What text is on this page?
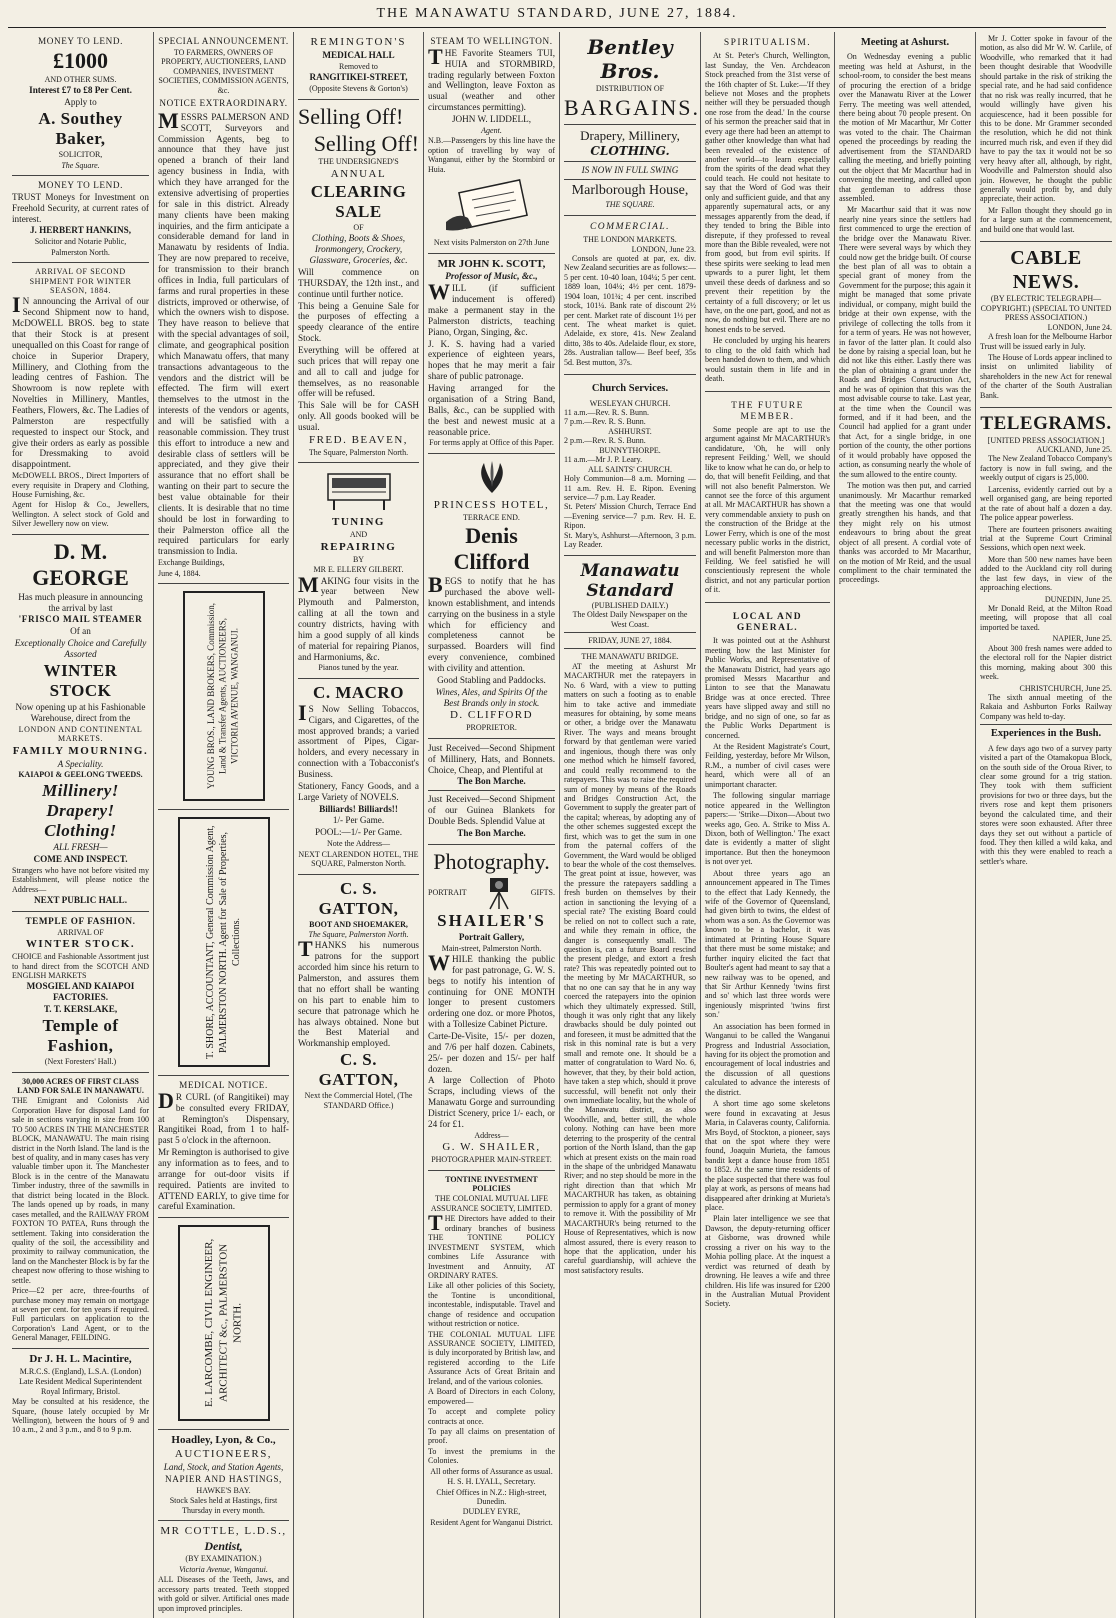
THE MANAWATU STANDARD, JUNE 27, 1884.

MONEY TO LEND.

£1000

AND OTHER SUMS.

Interest £7 to £8 Per Cent.

Apply to

A. Southey Baker,

SOLICITOR,

The Square.

MONEY TO LEND.

TRUST Moneys for Investment on Freehold Security, at current rates of interest.

J. HERBERT HANKINS,

Solicitor and Notarie Public,

Palmerston North.

ARRIVAL OF SECOND SHIPMENT FOR WINTER SEASON, 1884.

IN announcing the Arrival of our Second Shipment now to hand, McDOWELL BROS. beg to state that their Stock is at present unequalled on this Coast for range of choice in Superior Drapery, Millinery, and Clothing from the leading centres of Fashion. The Showroom is now replete with Novelties in Millinery, Mantles, Feathers, Flowers, &c. The Ladies of Palmerston are respectfully requested to inspect our Stock, and give their orders as early as possible for Dressmaking to avoid disappointment.

McDOWELL BROS., Direct Importers of every requisite in Drapery and Clothing, House Furnishing, &c.

Agent for Hislop & Co., Jewellers, Wellington. A select stock of Gold and Silver Jewellery now on view.

D. M. GEORGE

Has much pleasure in announcing the arrival by last

'FRISCO MAIL STEAMER

Of an

Exceptionally Choice and Carefully Assorted

WINTER STOCK

Now opening up at his Fashionable Warehouse, direct from the

LONDON AND CONTINENTAL MARKETS.

FAMILY MOURNING.

A Speciality.

KAIAPOI & GEELONG TWEEDS.

Millinery! Drapery! Clothing!

ALL FRESH—

COME AND INSPECT.

Strangers who have not before visited my Establishment, will please notice the Address—

NEXT PUBLIC HALL.

TEMPLE OF FASHION.

ARRIVAL OF

WINTER STOCK.

CHOICE and Fashionable Assortment just to hand direct from the SCOTCH AND ENGLISH MARKETS

MOSGIEL AND KAIAPOI FACTORIES.

T. T. KERSLAKE,

Temple of Fashion,

(Next Foresters' Hall.)

30,000 ACRES OF FIRST CLASS LAND FOR SALE IN MANAWATU.

THE Emigrant and Colonists Aid Corporation Have for disposal Land for sale in sections varying in size from 100 TO 500 ACRES IN THE MANCHESTER BLOCK, MANAWATU. The main rising district in the North Island. The land is the best of quality, and in many cases has very valuable timber upon it. The Manchester Block is in the centre of the Manawatu Timber industry, three of the sawmills in that district being located in the Block. The lands opened up by roads, in many cases metalled, and the RAILWAY FROM FOXTON TO PATEA, Runs through the settlement. Taking into consideration the quality of the soil, the accessibility and proximity to railway communication, the land on the Manchester Block is by far the cheapest now offering to those wishing to settle.

Price—£2 per acre, three-fourths of purchase money may remain on mortgage at seven per cent. for ten years if required. Full particulars on application to the Corporation's Land Agent, or to the General Manager, FEILDING.

Dr J. H. L. Macintire,

M.R.C.S. (England), L.S.A. (London)

Late Resident Medical Superintendent Royal Infirmary, Bristol.

May be consulted at his residence, the Square, (house lately occupied by Mr Wellington), between the hours of 9 and 10 a.m., 2 and 3 p.m., and 8 to 9 p.m.

SPECIAL ANNOUNCEMENT.

TO FARMERS, OWNERS OF PROPERTY, AUCTIONEERS, LAND COMPANIES, INVESTMENT SOCIETIES, COMMISSION AGENTS, &c.

NOTICE EXTRAORDINARY.

MESSRS PALMERSON AND SCOTT, Surveyors and Commission Agents, beg to announce that they have just opened a branch of their land agency business in India, with which they have arranged for the extensive advertising of properties for sale in this district. Already many clients have been making inquiries, and the firm anticipate a considerable demand for land in Manawatu by residents of India. They are now prepared to receive, for transmission to their branch offices in India, full particulars of farms and rural properties in these districts, improved or otherwise, of which the owners wish to dispose. They have reason to believe that with the special advantages of soil, climate, and geographical position which Manawatu offers, that many transactions advantageous to the vendors and the district will be effected. The firm will exert themselves to the utmost in the interests of the vendors or agents, and will be satisfied with a reasonable commission. They trust this effort to introduce a new and desirable class of settlers will be appreciated, and they give their assurance that no effort shall be wanting on their part to secure the best value obtainable for their clients. It is desirable that no time should be lost in forwarding to their Palmerston office all the required particulars for early transmission to India.

Exchange Buildings,

June 4, 1884.

YOUNG BROS., LAND BROKERS, Commission, Land & Transfer Agents, AUCTIONEERS, VICTORIA AVENUE, WANGANUI.
T. SHORE, ACCOUNTANT, General Commission Agent, PALMERSTON NORTH. Agent for Sale of Properties, Collections.

MEDICAL NOTICE.

DR CURL (of Rangitikei) may be consulted every FRIDAY, at Remington's Dispensary, Rangitikei Road, from 1 to half-past 5 o'clock in the afternoon.

Mr Remington is authorised to give any information as to fees, and to arrange for out-door visits if required. Patients are invited to ATTEND EARLY, to give time for careful Examination.

E. LARCOMBE, CIVIL ENGINEER, ARCHITECT &c., PALMERSTON NORTH.

Hoadley, Lyon, & Co.,

AUCTIONEERS,

Land, Stock, and Station Agents,

NAPIER AND HASTINGS,

HAWKE'S BAY.

Stock Sales held at Hastings, first Thursday in every month.

MR COTTLE, L.D.S.,

Dentist,

(BY EXAMINATION.)

Victoria Avenue, Wanganui.

ALL Diseases of the Teeth, Jaws, and accessory parts treated. Teeth stopped with gold or silver. Artificial ones made upon improved principles.

REMINGTON'S

MEDICAL HALL

Removed to

RANGITIKEI-STREET,

(Opposite Stevens & Gorton's)

Selling Off!

Selling Off!

THE UNDERSIGNED'S

ANNUAL

CLEARING SALE

OF

Clothing, Boots & Shoes, Ironmongery, Crockery, Glassware, Groceries, &c.

Will commence on THURSDAY, the 12th inst., and continue until further notice.

This being a Genuine Sale for the purposes of effecting a speedy clearance of the entire Stock.

Everything will be offered at such prices that will repay one and all to call and judge for themselves, as no reasonable offer will be refused.

This Sale will be for CASH only. All goods booked will be usual.

FRED. BEAVEN,

The Square, Palmerston North.

TUNING

AND

REPAIRING

BY

MR E. ELLERY GILBERT.

MAKING four visits in the year between New Plymouth and Palmerston, calling at all the town and country districts, having with him a good supply of all kinds of material for repairing Pianos, and Harmoniums, &c.

Pianos tuned by the year.

C. MACRO

IS Now Selling Tobaccos, Cigars, and Cigarettes, of the most approved brands; a varied assortment of Pipes, Cigar-holders, and every necessary in connection with a Tobacconist's Business.

Stationery, Fancy Goods, and a Large Variety of NOVELS.

Billiards! Billiards!!

1/- Per Game.

POOL:—1/- Per Game.

Note the Address—

NEXT CLARENDON HOTEL, THE SQUARE, Palmerston North.

C. S. GATTON,

BOOT AND SHOEMAKER,

The Square, Palmerston North.

THANKS his numerous patrons for the support accorded him since his return to Palmerston, and assures them that no effort shall be wanting on his part to enable him to secure that patronage which he has always obtained. None but the Best Material and Workmanship employed.

C. S. GATTON,

Next the Commercial Hotel, (The STANDARD Office.)

STEAM TO WELLINGTON.

THE Favorite Steamers TUI, HUIA and STORMBIRD, trading regularly between Foxton and Wellington, leave Foxton as usual (weather and other circumstances permitting).

JOHN W. LIDDELL,

Agent.

N.B.—Passengers by this line have the option of travelling by way of Wanganui, either by the Stormbird or Huia.

Next visits Palmerston on 27th June

MR JOHN K. SCOTT,

Professor of Music, &c.,

WILL (if sufficient inducement is offered) make a permanent stay in the Palmerston districts, teaching Piano, Organ, Singing, &c.

J. K. S. having had a varied experience of eighteen years, hopes that he may merit a fair share of public patronage.

Having arranged for the organisation of a String Band, Balls, &c., can be supplied with the best and newest music at a reasonable price.

For terms apply at Office of this Paper.

PRINCESS HOTEL,

TERRACE END.

Denis Clifford

BEGS to notify that he has purchased the above well-known establishment, and intends carrying on the business in a style which for efficiency and completeness cannot be surpassed. Boarders will find every convenience, combined with civility and attention.

Good Stabling and Paddocks.

Wines, Ales, and Spirits Of the Best Brands only in stock.

D. CLIFFORD

PROPRIETOR.

Just Received—Second Shipment of Millinery, Hats, and Bonnets. Choice, Cheap, and Plentiful at

The Bon Marche.

Just Received—Second Shipment of our Guinea Blankets for Double Beds. Splendid Value at

The Bon Marche.

Photography.

PORTRAIT	GIFTS.

SHAILER'S

Portrait Gallery,

Main-street, Palmerston North.

WHILE thanking the public for past patronage, G. W. S. begs to notify his intention of continuing for ONE MONTH longer to present customers ordering one doz. or more Photos, with a Tollesize Cabinet Picture.

Carte-De-Visite, 15/- per dozen, and 7/6 per half dozen. Cabinets, 25/- per dozen and 15/- per half dozen.

A large Collection of Photo Scraps, including views of the Manawatu Gorge and surrounding District Scenery, price 1/- each, or 24 for £1.

Address—

G. W. SHAILER,

PHOTOGRAPHER MAIN-STREET.

TONTINE INVESTMENT POLICIES

THE COLONIAL MUTUAL LIFE ASSURANCE SOCIETY, LIMITED.

THE Directors have added to their ordinary branches of business THE TONTINE POLICY INVESTMENT SYSTEM, which combines Life Assurance with Investment and Annuity, AT ORDINARY RATES.

Like all other policies of this Society, the Tontine is unconditional, incontestable, indisputable. Travel and change of residence and occupation without restriction or notice.

THE COLONIAL MUTUAL LIFE ASSURANCE SOCIETY, LIMITED, is duly incorporated by British law, and registered according to the Life Assurance Acts of Great Britain and Ireland, and of the various colonies.

A Board of Directors in each Colony, empowered—

To accept and complete policy contracts at once.

To pay all claims on presentation of proof.

To invest the premiums in the Colonies.

All other forms of Assurance as usual.

H. S. H. LYALL, Secretary.

Chief Offices in N.Z.: High-street, Dunedin.

DUDLEY EYRE,

Resident Agent for Wanganui District.

Bentley Bros.

DISTRIBUTION OF

BARGAINS.

Drapery, Millinery,

CLOTHING.

IS NOW IN FULL SWING

Marlborough House,

THE SQUARE.

COMMERCIAL.

THE LONDON MARKETS.

LONDON, June 23.

Consols are quoted at par, ex. div. New Zealand securities are as follows:— 5 per cent. 10-40 loan, 104¼; 5 per cent. 1889 loan, 104¼; 4½ per cent. 1879-1904 loan, 101¾; 4 per cent. inscribed stock, 101¼. Bank rate of discount 2½ per cent. Market rate of discount 1½ per cent. The wheat market is quiet. Adelaide, ex store, 41s. New Zealand ditto, 38s to 40s. Adelaide flour, ex store, 28s. Australian tallow— Beef beef, 35s 5d. Best mutton, 37s.

Church Services.

WESLEYAN CHURCH.

11 a.m.—Rev. R. S. Bunn.

7 p.m.—Rev. R. S. Bunn.

ASHHURST.

2 p.m.—Rev. R. S. Bunn.

BUNNYTHORPE.

11 a.m.—Mr J. P. Leary.

ALL SAINTS' CHURCH.

Holy Communion—8 a.m. Morning — 11 a.m. Rev. H. E. Ripon. Evening service—7 p.m. Lay Reader.

St. Peters' Mission Church, Terrace End—Evening service—7 p.m. Rev. H. E. Ripon.

St. Mary's, Ashhurst—Afternoon, 3 p.m. Lay Reader.

Manawatu Standard

(PUBLISHED DAILY.)

The Oldest Daily Newspaper on the West Coast.

FRIDAY, JUNE 27, 1884.

THE MANAWATU BRIDGE.

AT the meeting at Ashurst Mr MACARTHUR met the ratepayers in No. 6 Ward, with a view to putting matters on such a footing as to enable him to take active and immediate measures for obtaining, by some means or other, a bridge over the Manawatu River. The ways and means brought forward by that gentleman were varied and ingenious, though there was only one method which he himself favored, and could really recommend to the ratepayers. This was to raise the required sum of money by means of the Roads and Bridges Construction Act, the Government to supply the greater part of the capital; whereas, by adopting any of the other schemes suggested except the first, which was to get the sum in one from the paternal coffers of the Government, the Ward would be obliged to bear the whole of the cost themselves. The great point at issue, however, was the pressure the ratepayers saddling a fresh burden on themselves by their action in sanctioning the levying of a special rate? The existing Board could be relied on not to collect such a rate, and while they remain in office, the danger is consequently small. The question is, can a future Board rescind the present pledge, and extort a fresh rate? This was repeatedly pointed out to the meeting by Mr MACARTHUR, so that no one can say that he in any way coerced the ratepayers into the opinion which they ultimately expressed. Still, though it was only right that any likely drawbacks should be duly pointed out and foreseen, it must be admitted that the risk in this nominal rate is but a very small and remote one. It should be a matter of congratulation to Ward No. 6, however, that they, by their bold action, have taken a step which, should it prove successful, will benefit not only their own immediate locality, but the whole of the Manawatu district, as also Woodville, and, better still, the whole colony. Nothing can have been more deterring to the prosperity of the central portion of the North Island, than the gap which at present exists on the main road in the shape of the unbridged Manawatu River; and no step should be more in the right direction than that which Mr MACARTHUR has taken, as obtaining permission to apply for a grant of money to remove it. With the possibility of Mr MACARTHUR's being returned to the House of Representatives, which is now almost assured, there is every reason to hope that the application, under his careful guardianship, will achieve the most satisfactory results.

SPIRITUALISM.

At St. Peter's Church, Wellington, last Sunday, the Ven. Archdeacon Stock preached from the 31st verse of the 16th chapter of St. Luke:—'If they believe not Moses and the prophets neither will they be persuaded though one rose from the dead.' In the course of his sermon the preacher said that in every age there had been an attempt to gather other knowledge than what had been revealed of the existence of another world—to learn especially from the spirits of the dead what they could teach. He could not hesitate to say that the Word of God was their only and sufficient guide, and that any apparently supernatural acts, or any messages apparently from the dead, if they tended to bring the Bible into disrepute, if they professed to reveal more than the Bible revealed, were not from good, but from evil spirits. If these spirits were seeking to lead men upwards to a purer light, let them unveil these deeds of darkness and so prevent their repetition by the certainty of a full discovery; or let us have, on the one part, good, and not as now, do nothing but evil. There are no honest ends to be served.

He concluded by urging his hearers to cling to the old faith which had been handed down to them, and which would sustain them in life and in death.

THE FUTURE MEMBER.

Some people are apt to use the argument against Mr MACARTHUR's candidature, 'Oh, he will only represent Feilding.' Well, we should like to know what he can do, or help to do, that will benefit Feilding, and that will not also benefit Palmerston. We cannot see the force of this argument at all. Mr MACARTHUR has shown a very commendable anxiety to push on the construction of the Bridge at the Lower Ferry, which is one of the most necessary public works in the district, and will benefit Palmerston more than Feilding. We feel satisfied he will conscientiously represent the whole district, and not any particular portion of it.

LOCAL AND GENERAL.

It was pointed out at the Ashhurst meeting how the last Minister for Public Works, and Representative of the Manawatu District, had years ago promised Messrs Macarthur and Linton to see that the Manawatu Bridge was at once erected. Three years have slipped away and still no bridge, and no sign of one, so far as the Public Works Department is concerned.

At the Resident Magistrate's Court, Feilding, yesterday, before Mr Wilson, R.M., a number of civil cases were heard, which were all of an unimportant character.

The following singular marriage notice appeared in the Wellington papers:— 'Strike—Dixon—About two weeks ago, Geo. A. Strike to Miss A. Dixon, both of Wellington.' The exact date is evidently a matter of slight importance. But then the honeymoon is not over yet.

About three years ago an announcement appeared in The Times to the effect that Lady Kennedy, the wife of the Governor of Queensland, had given birth to twins, the eldest of whom was a son. As the Governor was known to be a bachelor, it was intimated at Printing House Square that there must be some mistake; and further inquiry elicited the fact that Boulter's agent had meant to say that a new railway was to be opened, and that Sir Arthur Kennedy 'twins first and so' which last three words were ingeniously misprinted 'twins first son.'

An association has been formed in Wanganui to be called the Wanganui Progress and Industrial Association, having for its object the promotion and encouragement of local industries and the discussion of all questions calculated to advance the interests of the district.

A short time ago some skeletons were found in excavating at Jesus Maria, in Calaveras county, California. Mrs Boyd, of Stockton, a pioneer, says that on the spot where they were found, Joaquin Murieta, the famous bandit kept a dance house from 1851 to 1852. At the same time residents of the place suspected that there was foul play at work, as persons of means had disappeared after drinking at Murieta's place.

Plain later intelligence we see that Dawson, the deputy-returning officer at Gisborne, was drowned while crossing a river on his way to the Mohia polling place. At the inquest a verdict was returned of death by drowning. He leaves a wife and three children. His life was insured for £200 in the Australian Mutual Provident Society.

Meeting at Ashurst.

On Wednesday evening a public meeting was held at Ashurst, in the school-room, to consider the best means of procuring the erection of a bridge over the Manawatu River at the Lower Ferry. The meeting was well attended, there being about 70 people present. On the motion of Mr Macarthur, Mr Cotter was voted to the chair. The Chairman opened the proceedings by reading the advertisement from the STANDARD calling the meeting, and briefly pointing out the object that Mr Macarthur had in convening the meeting, and called upon that gentleman to address those assembled.

Mr Macarthur said that it was now nearly nine years since the settlers had first commenced to urge the erection of the bridge over the Manawatu River. There were several ways by which they could now get the bridge built. Of course the best plan of all was to obtain a special grant of money from the Government for the purpose; this again it might be managed that some private individual, or company, might build the bridge at their own expense, with the privilege of collecting the tolls from it for a term of years. He was not however, in favor of the latter plan. It could also be done by raising a special loan, but he did not like this either. Lastly there was the plan of obtaining a grant under the Roads and Bridges Construction Act, and he was of opinion that this was the most advisable course to take. Last year, at the time when the Council was formed, and if it had been, and the Council had applied for a grant under that Act, for a single bridge, in one portion of the county, the other portions of it would probably have opposed the action, as consuming nearly the whole of the sum allowed to the entire county.

The motion was then put, and carried unanimously. Mr Macarthur remarked that the meeting was one that would greatly strengthen his hands, and that they might rely on his utmost endeavours to bring about the great object of all present. A cordial vote of thanks was accorded to Mr Macarthur, on the motion of Mr Reid, and the usual compliment to the chair terminated the proceedings.

Mr J. Cotter spoke in favour of the motion, as also did Mr W. W. Carlile, of Woodville, who remarked that it had been thought desirable that Woodville should partake in the risk of striking the special rate, and he had said confidence that no risk was really incurred, that he would willingly have given his acquiescence, had it been possible for this to be done. Mr Grammer seconded the resolution, which he did not think incurred much risk, and even if they did have to pay the tax it would not be so very heavy after all, although, by right, Woodville and Palmerston should also join. However, he thought the public generally would profit by, and duly appreciate, their action.

Mr Fallon thought they should go in for a large sum at the commencement, and build one that would last.

CABLE NEWS.

(BY ELECTRIC TELEGRAPH—COPYRIGHT.) (SPECIAL TO UNITED PRESS ASSOCIATION.)

LONDON, June 24.

A fresh loan for the Melbourne Harbor Trust will be issued early in July.

The House of Lords appear inclined to insist on unlimited liability of shareholders in the new Act for renewal of the charter of the South Australian Bank.

TELEGRAMS.

[UNITED PRESS ASSOCIATION.]

AUCKLAND, June 25.

The New Zealand Tobacco Company's factory is now in full swing, and the weekly output of cigars is 25,000.

Larceniss, evidently carried out by a well organised gang, are being reported at the rate of about half a dozen a day. The police appear powerless.

There are fourteen prisoners awaiting trial at the Supreme Court Criminal Sessions, which open next week.

More than 500 new names have been added to the Auckland city roll during the last few days, in view of the approaching elections.

DUNEDIN, June 25.

Mr Donald Reid, at the Milton Road meeting, will propose that all coal imported be taxed.

NAPIER, June 25.

About 300 fresh names were added to the electoral roll for the Napier district this morning, making about 300 this week.

CHRISTCHURCH, June 25.

The sixth annual meeting of the Rakaia and Ashburton Forks Railway Company was held to-day.

Experiences in the Bush.

A few days ago two of a survey party visited a part of the Otamakopua Block, on the south side of the Oroua River, to clear some ground for a trig station. They took with them sufficient provisions for two or three days, but the rivers rose and kept them prisoners beyond the calculated time, and their stores were soon exhausted. After three days they set out without a particle of food. They then killed a wild kaka, and with this they were enabled to reach a settler's whare.
